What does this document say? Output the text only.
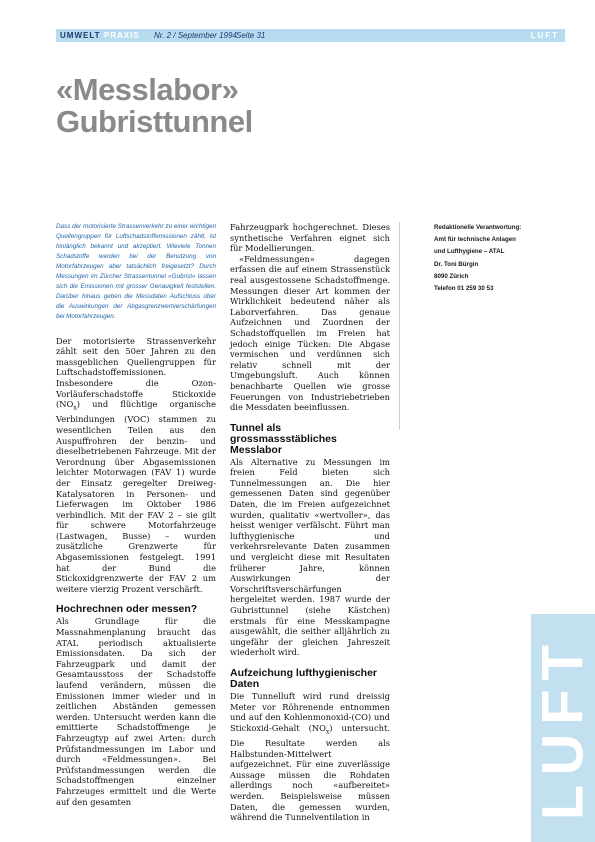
UMWELT PRAXIS Nr. 2 / September 1994 Seite 31	LUFT
«Messlabor»
Gubristtunnel

Dass der motorisierte Strassenverkehr zu einer wichtigen Quellengruppen für Luftschadstoffemissionen zählt, ist hinlänglich bekannt und akzeptiert. Wieviele Tonnen Schadstoffe werden bei der Benutzung von Motorfahrzeugen aber tatsächlich freigesetzt? Durch Messungen im Zürcher Strassentunnel «Gubrist» lassen sich die Emissionen mit grosser Genauigkeit feststellen. Darüber hinaus geben die Messdaten Aufschluss über die Auswirkungen der Abgasgrenzwertverschärfungen bei Motorfahrzeugen.

Der motorisierte Strassenverkehr zählt seit den 50er Jahren zu den massgeblichen Quellengruppen für Luftschadstoffemissionen. Insbesondere die Ozon-Vorläuferschadstoffe Stickoxide $(NO_x)$ und flüchtige organische Verbindungen (VOC) stammen zu wesentlichen Teilen aus den Auspuffrohren der benzin- und dieselbetriebenen Fahrzeuge. Mit der Verordnung über Abgasemissionen leichter Motorwagen (FAV 1) wurde der Einsatz geregelter Dreiweg-Katalysatoren in Personen- und Lieferwagen im Oktober 1986 verbindlich. Mit der FAV 2 – sie gilt für schwere Motorfahrzeuge (Lastwagen, Busse) – wurden zusätzliche Grenzwerte für Abgasemissionen festgelegt. 1991 hat der Bund die Stickoxidgrenzwerte der FAV 2 um weitere vierzig Prozent verschärft.

Hochrechnen oder messen?

Als Grundlage für die Massnahmenplanung braucht das ATAL periodisch aktualisierte Emissionsdaten. Da sich der Fahrzeugpark und damit der Gesamtausstoss der Schadstoffe laufend verändern, müssen die Emissionen immer wieder und in zeitlichen Abständen gemessen werden. Untersucht werden kann die emittierte Schadstoffmenge je Fahrzeugtyp auf zwei Arten: durch Prüfstandmessungen im Labor und durch «Feldmessungen». Bei Prüfstandmessungen werden die Schadstoffmengen einzelner Fahrzeuges ermittelt und die Werte auf den gesamten

Fahrzeugpark hochgerechnet. Dieses synthetische Verfahren eignet sich für Modellierungen.

«Feldmessungen» dagegen erfassen die auf einem Strassenstück real ausgestossene Schadstoffmenge. Messungen dieser Art kommen der Wirklichkeit bedeutend näher als Laborverfahren. Das genaue Aufzeichnen und Zuordnen der Schadstoffquellen im Freien hat jedoch einige Tücken: Die Abgase vermischen und verdünnen sich relativ schnell mit der Umgebungsluft. Auch können benachbarte Quellen wie grosse Feuerungen von Industriebetrieben die Messdaten beeinflussen.

Tunnel als grossmassstäbliches Messlabor

Als Alternative zu Messungen im freien Feld bieten sich Tunnelmessungen an. Die hier gemessenen Daten sind gegenüber Daten, die im Freien aufgezeichnet wurden, qualitativ «wertvoller», das heisst weniger verfälscht. Führt man lufthygienische und verkehrsrelevante Daten zusammen und vergleicht diese mit Resultaten früherer Jahre, können Auswirkungen der Vorschriftsverschärfungen hergeleitet werden. 1987 wurde der Gubristtunnel (siehe Kästchen) erstmals für eine Messkampagne ausgewählt, die seither alljährlich zu ungefähr der gleichen Jahreszeit wiederholt wird.

Aufzeichung lufthygienischer Daten

Die Tunnelluft wird rund dreissig Meter vor Röhrenende entnommen und auf den Kohlenmonoxid-(CO) und Stickoxid-Gehalt $(NO_x)$ untersucht. Die Resultate werden als Halbstunden-Mittelwert aufgezeichnet. Für eine zuverlässige Aussage müssen die Rohdaten allerdings noch «aufbereitet» werden. Beispielsweise müssen Daten, die gemessen wurden, während die Tunnelventilation in

Redaktionelle Verantwortung:
Amt für technische Anlagen
und Lufthygiene – ATAL
Dr. Toni Bürgin
8090 Zürich
Telefon 01 259 30 53
LUFT
